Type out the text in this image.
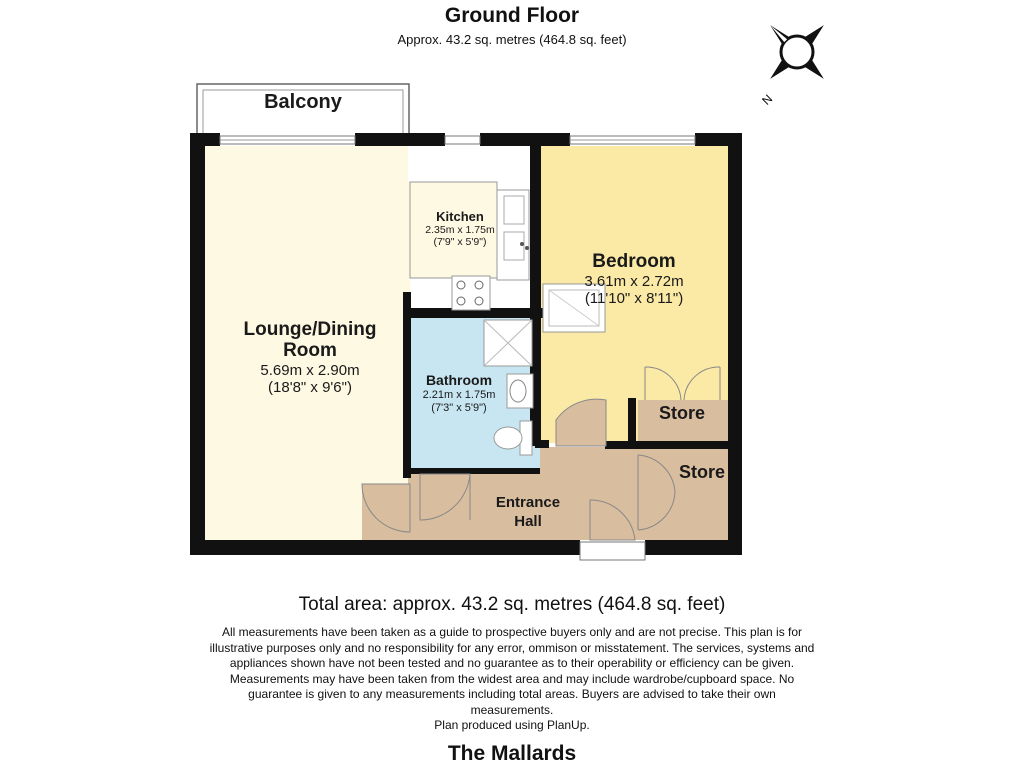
Ground Floor
Approx. 43.2 sq. metres (464.8 sq. feet)
Balcony
Lounge/Dining
Room
5.69m x 2.90m
(18'8" x 9'6")
Kitchen
2.35m x 1.75m
(7'9" x 5'9")
Bedroom
3.61m x 2.72m
(11'10" x 8'11")
Bathroom
2.21m x 1.75m
(7'3" x 5'9")
Entrance
Hall
Store
Store
N
Total area: approx. 43.2 sq. metres (464.8 sq. feet)
All measurements have been taken as a guide to prospective buyers only and are not precise. This plan is for
illustrative purposes only and no responsibility for any error, ommison or misstatement. The services, systems and
appliances shown have not been tested and no guarantee as to their operability or efficiency can be given.
Measurements may have been taken from the widest area and may include wardrobe/cupboard space. No
guarantee is given to any measurements including total areas. Buyers are advised to take their own
measurements.
Plan produced using PlanUp.
The Mallards
